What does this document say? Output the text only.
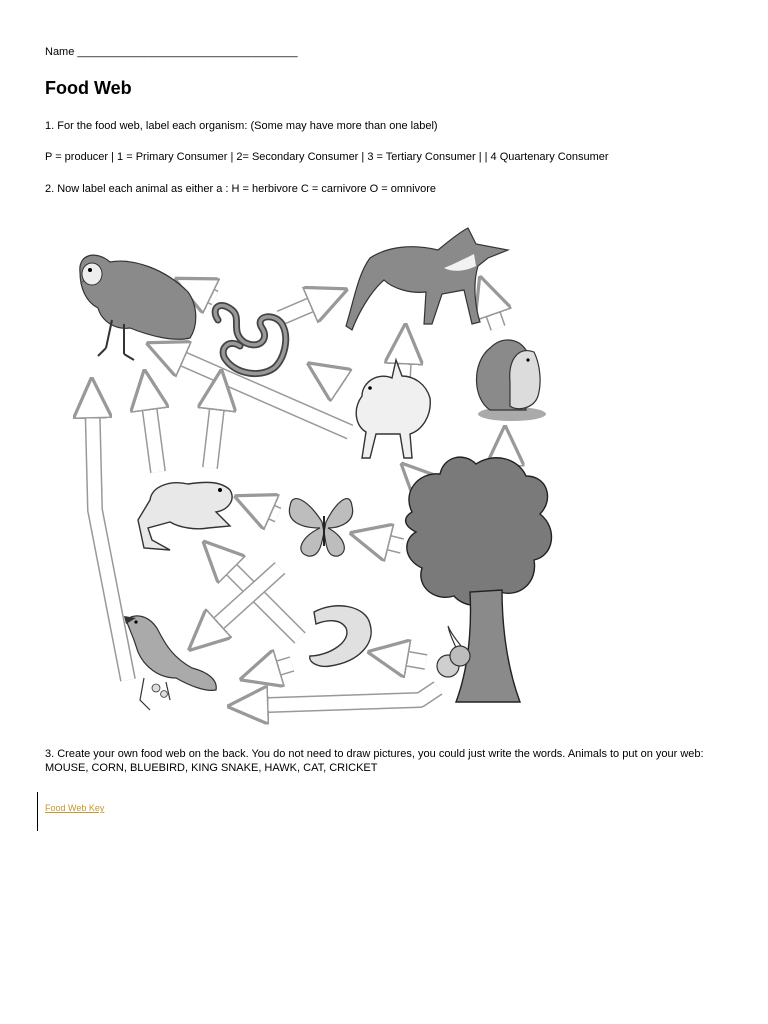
Name ____________________________________
Food Web

1. For the food web, label each organism: (Some may have more than one label)

P = producer | 1 = Primary Consumer | 2= Secondary Consumer | 3 = Tertiary Consumer | | 4 Quartenary Consumer

2. Now label each animal as either a : H = herbivore C = carnivore O = omnivore

3. Create your own food web on the back. You do not need to draw pictures, you could just write the words. Animals to put on your web: MOUSE, CORN, BLUEBIRD, KING SNAKE, HAWK, CAT, CRICKET

Food Web Key
